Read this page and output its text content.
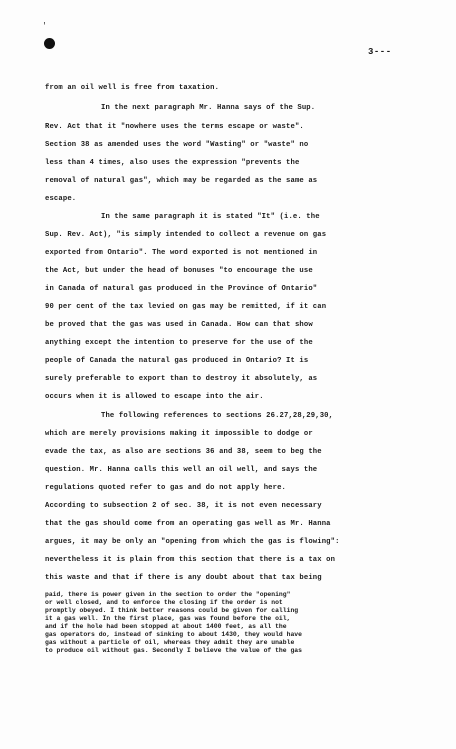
'
3---
from an oil well is free from taxation.
In the next paragraph Mr. Hanna says of the Sup.
Rev. Act that it "nowhere uses the terms escape or waste".
Section 38 as amended uses the word "Wasting" or "waste" no
less than 4 times, also uses the expression "prevents the
removal of natural gas", which may be regarded as the same as
escape.
In the same paragraph it is stated "It" (i.e. the
Sup. Rev. Act), "is simply intended to collect a revenue on gas
exported from Ontario". The word exported is not mentioned in
the Act, but under the head of bonuses "to encourage the use
in Canada of natural gas produced in the Province of Ontario"
90 per cent of the tax levied on gas may be remitted, if it can
be proved that the gas was used in Canada. How can that show
anything except the intention to preserve for the use of the
people of Canada the natural gas produced in Ontario? It is
surely preferable to export than to destroy it absolutely, as
occurs when it is allowed to escape into the air.
The following references to sections 26.27,28,29,30,
which are merely provisions making it impossible to dodge or
evade the tax, as also are sections 36 and 38, seem to beg the
question. Mr. Hanna calls this well an oil well, and says the
regulations quoted refer to gas and do not apply here.
According to subsection 2 of sec. 38, it is not even necessary
that the gas should come from an operating gas well as Mr. Hanna
argues, it may be only an "opening from which the gas is flowing":
nevertheless it is plain from this section that there is a tax on
this waste and that if there is any doubt about that tax being
paid, there is power given in the section to order the "opening"
or well closed, and to enforce the closing if the order is not
promptly obeyed. I think better reasons could be given for calling
it a gas well. In the first place, gas was found before the oil,
and if the hole had been stopped at about 1400 feet, as all the
gas operators do, instead of sinking to about 1430, they would have
gas without a particle of oil, whereas they admit they are unable
to produce oil without gas. Secondly I believe the value of the gas
